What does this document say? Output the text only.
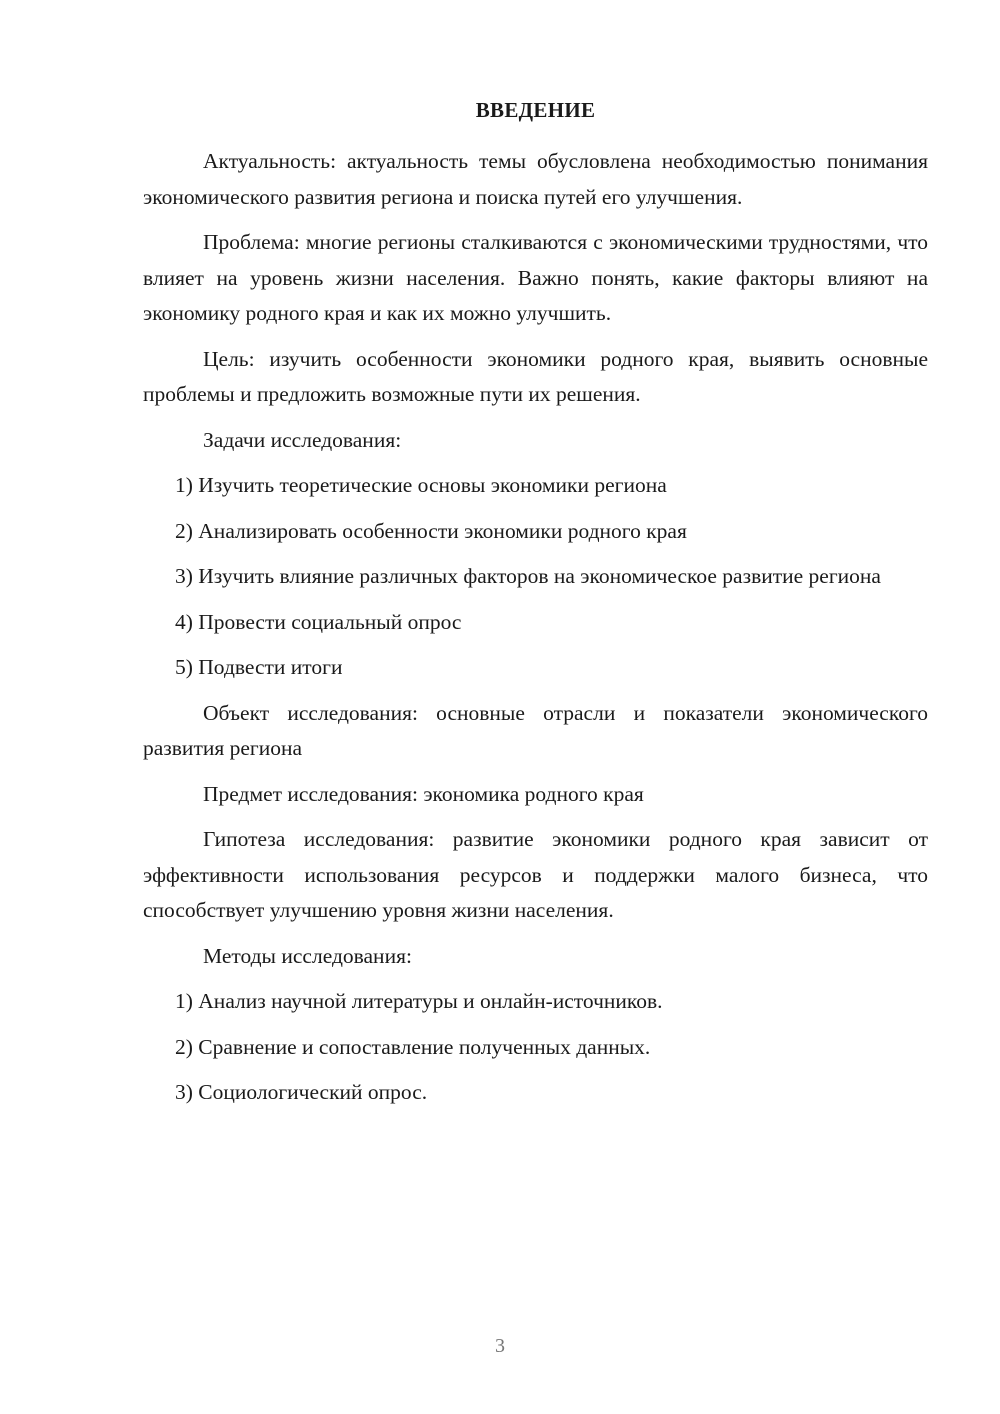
ВВЕДЕНИЕ

Актуальность: актуальность темы обусловлена необходимостью понимания экономического развития региона и поиска путей его улучшения.

Проблема: многие регионы сталкиваются с экономическими трудностями, что влияет на уровень жизни населения. Важно понять, какие факторы влияют на экономику родного края и как их можно улучшить.

Цель: изучить особенности экономики родного края, выявить основные проблемы и предложить возможные пути их решения.

Задачи исследования:

1) Изучить теоретические основы экономики региона

2) Анализировать особенности экономики родного края

3) Изучить влияние различных факторов на экономическое развитие региона

4) Провести социальный опрос

5) Подвести итоги

Объект исследования: основные отрасли и показатели экономического развития региона

Предмет исследования: экономика родного края

Гипотеза исследования: развитие экономики родного края зависит от эффективности использования ресурсов и поддержки малого бизнеса, что способствует улучшению уровня жизни населения.

Методы исследования:

1) Анализ научной литературы и онлайн-источников.

2) Сравнение и сопоставление полученных данных.

3) Социологический опрос.

3
